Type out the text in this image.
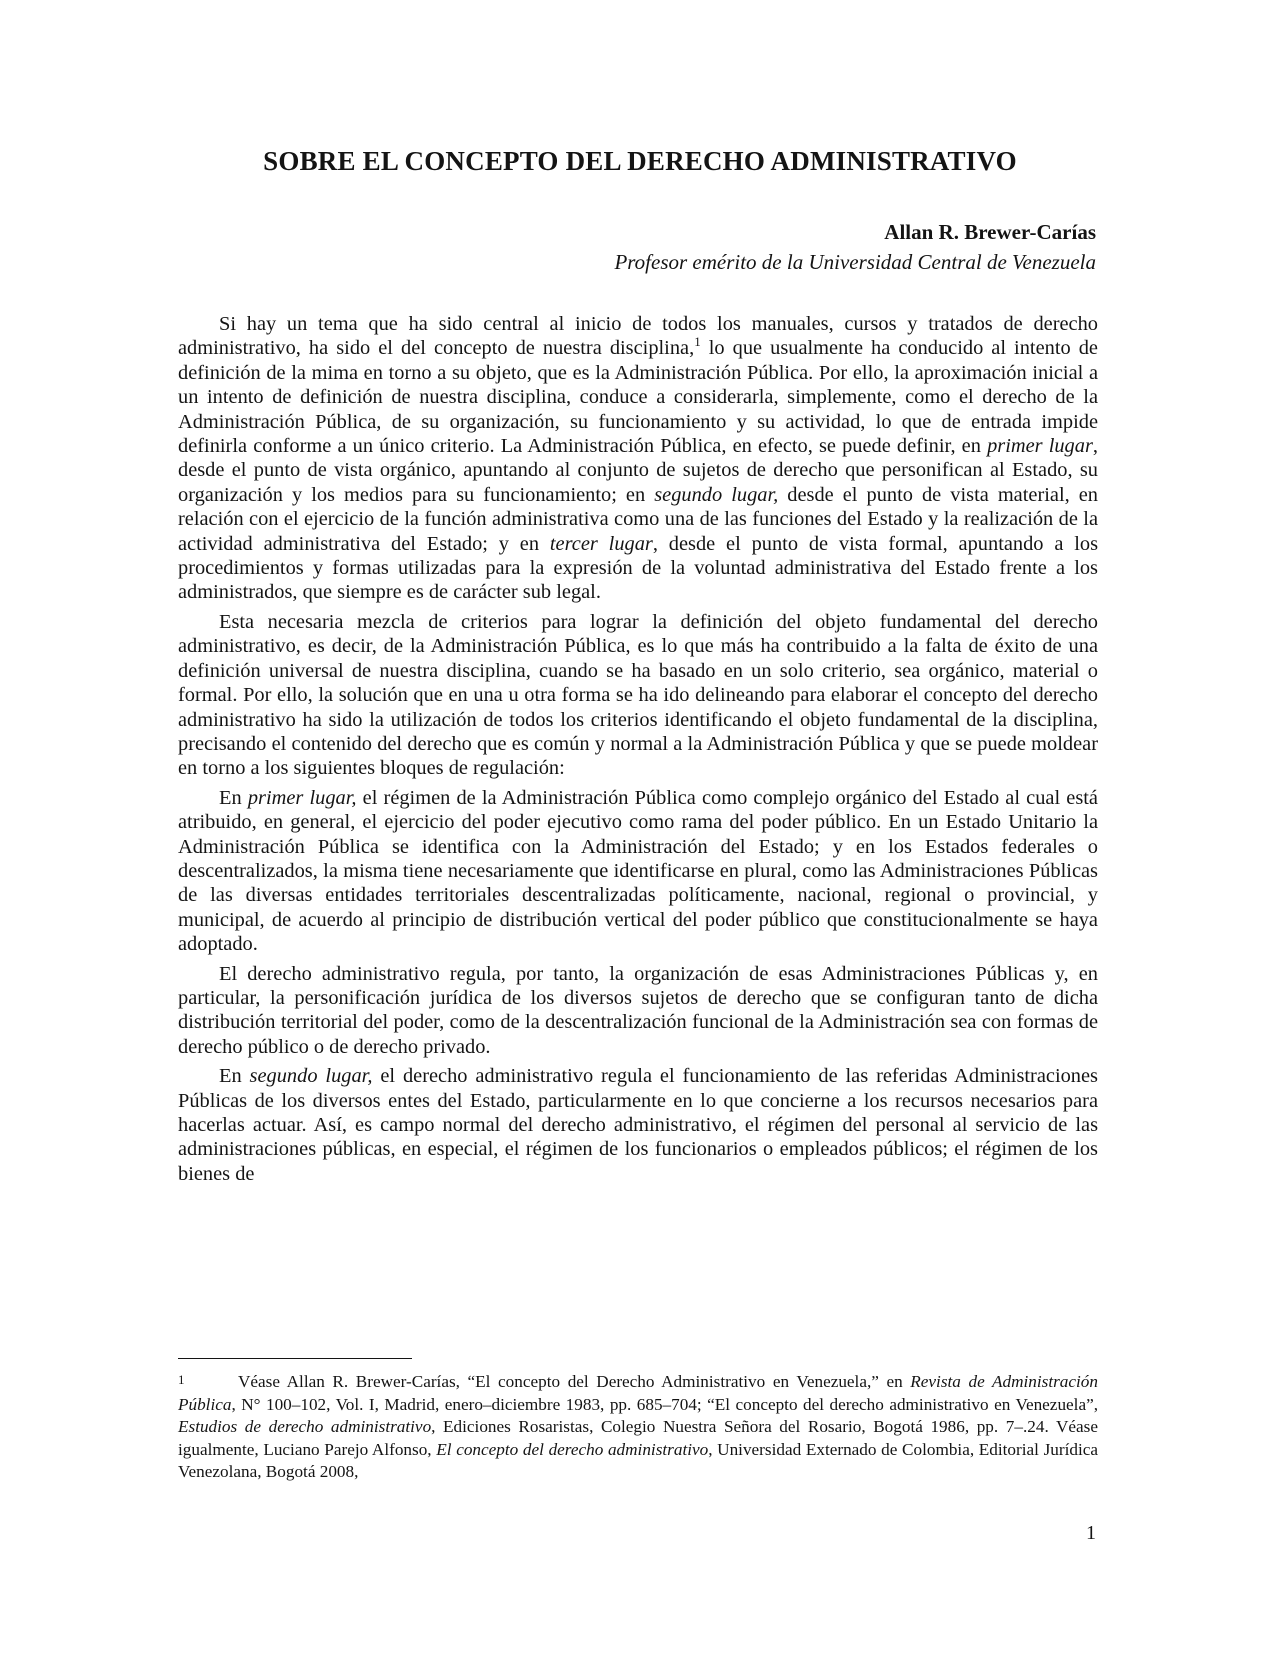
SOBRE EL CONCEPTO DEL DERECHO ADMINISTRATIVO
Allan R. Brewer-Carías
Profesor emérito de la Universidad Central de Venezuela

Si hay un tema que ha sido central al inicio de todos los manuales, cursos y tratados de derecho administrativo, ha sido el del concepto de nuestra disciplina,$^1$ lo que usualmente ha conducido al intento de definición de la mima en torno a su objeto, que es la Administración Pública. Por ello, la aproximación inicial a un intento de definición de nuestra disciplina, conduce a considerarla, simplemente, como el derecho de la Administración Pública, de su organización, su funcionamiento y su actividad, lo que de entrada impide definirla conforme a un único criterio. La Administración Pública, en efecto, se puede definir, en primer lugar, desde el punto de vista orgánico, apuntando al conjunto de sujetos de derecho que personifican al Estado, su organización y los medios para su funcionamiento; en segundo lugar, desde el punto de vista material, en relación con el ejercicio de la función administrativa como una de las funciones del Estado y la realización de la actividad administrativa del Estado; y en tercer lugar, desde el punto de vista formal, apuntando a los procedimientos y formas utilizadas para la expresión de la voluntad administrativa del Estado frente a los administrados, que siempre es de carácter sub legal.

Esta necesaria mezcla de criterios para lograr la definición del objeto fundamental del derecho administrativo, es decir, de la Administración Pública, es lo que más ha contribuido a la falta de éxito de una definición universal de nuestra disciplina, cuando se ha basado en un solo criterio, sea orgánico, material o formal. Por ello, la solución que en una u otra forma se ha ido delineando para elaborar el concepto del derecho administrativo ha sido la utilización de todos los criterios identificando el objeto fundamental de la disciplina, precisando el contenido del derecho que es común y normal a la Administración Pública y que se puede moldear en torno a los siguientes bloques de regulación:

En primer lugar, el régimen de la Administración Pública como complejo orgánico del Estado al cual está atribuido, en general, el ejercicio del poder ejecutivo como rama del poder público. En un Estado Unitario la Administración Pública se identifica con la Administración del Estado; y en los Estados federales o descentralizados, la misma tiene necesariamente que identificarse en plural, como las Administraciones Públicas de las diversas entidades territoriales descentralizadas políticamente, nacional, regional o provincial, y municipal, de acuerdo al principio de distribución vertical del poder público que constitucionalmente se haya adoptado.

El derecho administrativo regula, por tanto, la organización de esas Administraciones Públicas y, en particular, la personificación jurídica de los diversos sujetos de derecho que se configuran tanto de dicha distribución territorial del poder, como de la descentralización funcional de la Administración sea con formas de derecho público o de derecho privado.

En segundo lugar, el derecho administrativo regula el funcionamiento de las referidas Administraciones Públicas de los diversos entes del Estado, particularmente en lo que concierne a los recursos necesarios para hacerlas actuar. Así, es campo normal del derecho administrativo, el régimen del personal al servicio de las administraciones públicas, en especial, el régimen de los funcionarios o empleados públicos; el régimen de los bienes de

1	Véase Allan R. Brewer-Carías, “El concepto del Derecho Administrativo en Venezuela,” en Revista de Administración Pública, N° 100–102, Vol. I, Madrid, enero–diciembre 1983, pp. 685–704; “El concepto del derecho administrativo en Venezuela”, Estudios de derecho administrativo, Ediciones Rosaristas, Colegio Nuestra Señora del Rosario, Bogotá 1986, pp. 7–.24. Véase igualmente, Luciano Parejo Alfonso, El concepto del derecho administrativo, Universidad Externado de Colombia, Editorial Jurídica Venezolana, Bogotá 2008,
1
